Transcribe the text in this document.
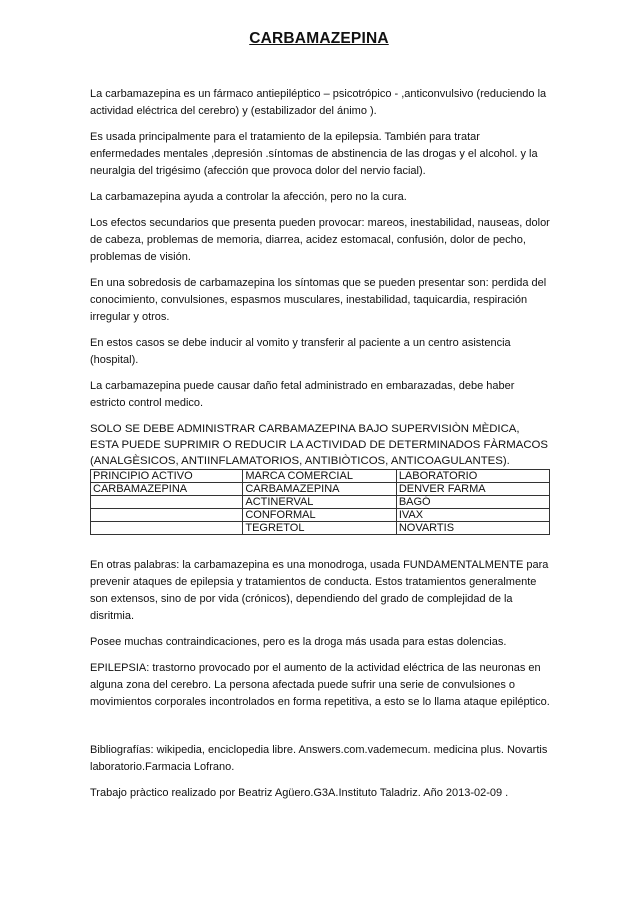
CARBAMAZEPINA

La carbamazepina es un fármaco antiepiléptico – psicotrópico - ,anticonvulsivo (reduciendo la actividad eléctrica del cerebro) y (estabilizador del ánimo ).

Es usada principalmente para el tratamiento de la epilepsia. También para tratar enfermedades mentales ,depresión .síntomas de abstinencia de las drogas y el alcohol. y la neuralgia del trigésimo (afección que provoca dolor del nervio facial).

La carbamazepina ayuda a controlar la afección, pero no la cura.

Los efectos secundarios que presenta pueden provocar: mareos, inestabilidad, nauseas, dolor de cabeza, problemas de memoria, diarrea, acidez estomacal, confusión, dolor de pecho, problemas de visión.

En una sobredosis de carbamazepina los síntomas que se pueden presentar son: perdida del conocimiento, convulsiones, espasmos musculares, inestabilidad, taquicardia, respiración irregular y otros.

En estos casos se debe inducir al vomito y transferir al paciente a un centro asistencia (hospital).

La carbamazepina puede causar daño fetal administrado en embarazadas, debe haber estricto control medico.

SOLO SE DEBE ADMINISTRAR CARBAMAZEPINA BAJO SUPERVISIÒN MÈDICA, ESTA PUEDE SUPRIMIR O REDUCIR LA ACTIVIDAD DE DETERMINADOS FÀRMACOS (ANALGÈSICOS, ANTIINFLAMATORIOS, ANTIBIÒTICOS, ANTICOAGULANTES).

PRINCIPIO ACTIVO	MARCA COMERCIAL	LABORATORIO
CARBAMAZEPINA	CARBAMAZEPINA	DENVER FARMA
	ACTINERVAL	BAGÓ
	CONFORMAL	IVAX
	TEGRETOL	NOVARTIS

En otras palabras: la carbamazepina es una monodroga, usada FUNDAMENTALMENTE para prevenir ataques de epilepsia y tratamientos de conducta. Estos tratamientos generalmente son extensos, sino de por vida (crónicos), dependiendo del grado de complejidad de la disritmia.

Posee muchas contraindicaciones, pero es la droga más usada para estas dolencias.

EPILEPSIA: trastorno provocado por el aumento de la actividad eléctrica de las neuronas en alguna zona del cerebro. La persona afectada puede sufrir una serie de convulsiones o movimientos corporales incontrolados en forma repetitiva, a esto se lo llama ataque epiléptico.

Bibliografías: wikipedia, enciclopedia libre. Answers.com.vademecum. medicina plus. Novartis laboratorio.Farmacia Lofrano.

Trabajo pràctico realizado por Beatriz Agüero.G3A.Instituto Taladriz. Año 2013-02-09 .
